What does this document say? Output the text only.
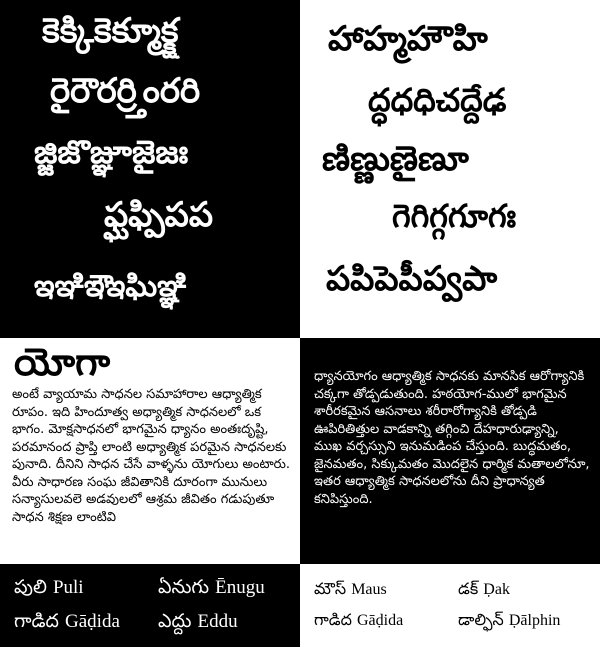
కెక్కికెక్మూక్క్ష
రైరౌరర్ర్తింరరి
జ్జిజొజ్ఞూజైజః
ఫ్ఘఫ్పిపప
ఇఞిఇౌఇఘిఞ్ఞి
హాహ్మహౌహి
ద్ధధధిచద్దేఢ
ణిణ్ణుణైణూ
గెగిగ్గగూగః
పపిపెపీప్వపా
యోగా
అంటే వ్యాయామ సాధనల సమాహారాల ఆధ్యాత్మిక రూపం. ఇది హిందూత్వ అధ్యాత్మిక సాధనలలో ఒక భాగం. మోక్షసాధనలో భాగమైన ధ్యానం అంతఃదృష్టి, పరమానంద ప్రాప్తి లాంటి అధ్యాత్మిక పరమైన సాధనలకు పునాది. దీనిని సాధన చేసే వాళ్ళను యోగులు అంటారు. వీరు సాధారణ సంఘ జీవితానికి దూరంగా మునులు సన్యాసులవలె అడవులలో ఆశ్రమ జీవితం గడుపుతూ సాధన శిక్షణ లాంటివి
ధ్యానయోగం ఆధ్యాత్మిక సాధనకు మానసిక ఆరోగ్యానికి చక్కగా తోడ్పడుతుంది. హఠయోగ-ములో భాగమైన శారీరకమైన ఆసనాలు శరీరారోగ్యానికి తోడ్పడి ఊపిరితిత్తుల వాడకాన్ని తగ్గించి దేహధారుఢ్యాన్ని, ముఖ వర్చస్సుని ఇనుమడింప చేస్తుంది. బుద్ధమతం, జైనమతం, సిక్కుమతం మొదలైన ధార్మిక మతాలలోనూ, ఇతర ఆధ్యాత్మిక సాధనలలోను దీని ప్రాధాన్యత కనిపిస్తుంది.
పులి Puli	ఏనుగు Ēnugu
గాడిద Gāḍida ఎద్దు Eddu
మౌస్ Maus	డక్ Ḍak
గాడిద Gāḍida	డాల్ఫిన్ Ḍālphin
